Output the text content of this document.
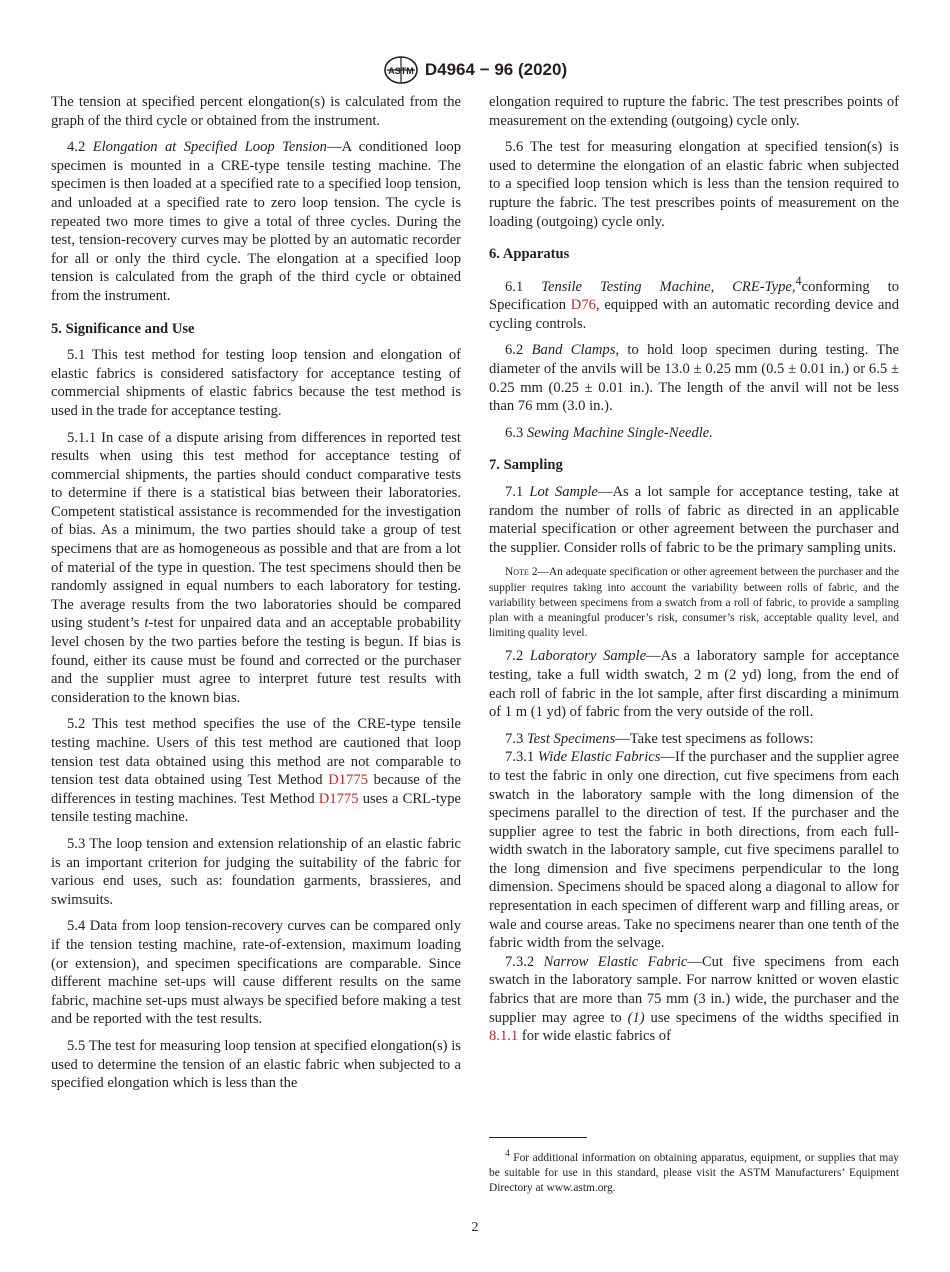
ASTM D4964 − 96 (2020)

The tension at specified percent elongation(s) is calculated from the graph of the third cycle or obtained from the instrument.

4.2 Elongation at Specified Loop Tension—A conditioned loop specimen is mounted in a CRE-type tensile testing machine. The specimen is then loaded at a specified rate to a specified loop tension, and unloaded at a specified rate to zero loop tension. The cycle is repeated two more times to give a total of three cycles. During the test, tension-recovery curves may be plotted by an automatic recorder for all or only the third cycle. The elongation at a specified loop tension is calculated from the graph of the third cycle or obtained from the instrument.

5. Significance and Use

5.1 This test method for testing loop tension and elongation of elastic fabrics is considered satisfactory for acceptance testing of commercial shipments of elastic fabrics because the test method is used in the trade for acceptance testing.

5.1.1 In case of a dispute arising from differences in reported test results when using this test method for acceptance testing of commercial shipments, the parties should conduct comparative tests to determine if there is a statistical bias between their laboratories. Competent statistical assistance is recommended for the investigation of bias. As a minimum, the two parties should take a group of test specimens that are as homogeneous as possible and that are from a lot of material of the type in question. The test specimens should then be randomly assigned in equal numbers to each laboratory for testing. The average results from the two laboratories should be compared using student’s t-test for unpaired data and an acceptable probability level chosen by the two parties before the testing is begun. If bias is found, either its cause must be found and corrected or the purchaser and the supplier must agree to interpret future test results with consideration to the known bias.

5.2 This test method specifies the use of the CRE-type tensile testing machine. Users of this test method are cautioned that loop tension test data obtained using this method are not comparable to tension test data obtained using Test Method D1775 because of the differences in testing machines. Test Method D1775 uses a CRL-type tensile testing machine.

5.3 The loop tension and extension relationship of an elastic fabric is an important criterion for judging the suitability of the fabric for various end uses, such as: foundation garments, brassieres, and swimsuits.

5.4 Data from loop tension-recovery curves can be compared only if the tension testing machine, rate-of-extension, maximum loading (or extension), and specimen specifications are comparable. Since different machine set-ups will cause different results on the same fabric, machine set-ups must always be specified before making a test and be reported with the test results.

5.5 The test for measuring loop tension at specified elongation(s) is used to determine the tension of an elastic fabric when subjected to a specified elongation which is less than the

elongation required to rupture the fabric. The test prescribes points of measurement on the extending (outgoing) cycle only.

5.6 The test for measuring elongation at specified tension(s) is used to determine the elongation of an elastic fabric when subjected to a specified loop tension which is less than the tension required to rupture the fabric. The test prescribes points of measurement on the loading (outgoing) cycle only.

6. Apparatus

6.1 Tensile Testing Machine, CRE-Type,$^4$conforming to Specification D76, equipped with an automatic recording device and cycling controls.

6.2 Band Clamps, to hold loop specimen during testing. The diameter of the anvils will be 13.0 ± 0.25 mm (0.5 ± 0.01 in.) or 6.5 ± 0.25 mm (0.25 ± 0.01 in.). The length of the anvil will not be less than 76 mm (3.0 in.).

6.3 Sewing Machine Single-Needle.

7. Sampling

7.1 Lot Sample—As a lot sample for acceptance testing, take at random the number of rolls of fabric as directed in an applicable material specification or other agreement between the purchaser and the supplier. Consider rolls of fabric to be the primary sampling units.

Note 2—An adequate specification or other agreement between the purchaser and the supplier requires taking into account the variability between rolls of fabric, and the variability between specimens from a swatch from a roll of fabric, to provide a sampling plan with a meaningful producer’s risk, consumer’s risk, acceptable quality level, and limiting quality level.

7.2 Laboratory Sample—As a laboratory sample for acceptance testing, take a full width swatch, 2 m (2 yd) long, from the end of each roll of fabric in the lot sample, after first discarding a minimum of 1 m (1 yd) of fabric from the very outside of the roll.

7.3 Test Specimens—Take test specimens as follows:

7.3.1 Wide Elastic Fabrics—If the purchaser and the supplier agree to test the fabric in only one direction, cut five specimens from each swatch in the laboratory sample with the long dimension of the specimens parallel to the direction of test. If the purchaser and the supplier agree to test the fabric in both directions, from each full-width swatch in the laboratory sample, cut five specimens parallel to the long dimension and five specimens perpendicular to the long dimension. Specimens should be spaced along a diagonal to allow for representation in each specimen of different warp and filling areas, or wale and course areas. Take no specimens nearer than one tenth of the fabric width from the selvage.

7.3.2 Narrow Elastic Fabric—Cut five specimens from each swatch in the laboratory sample. For narrow knitted or woven elastic fabrics that are more than 75 mm (3 in.) wide, the purchaser and the supplier may agree to (1) use specimens of the widths specified in 8.1.1 for wide elastic fabrics of

$^4$ For additional information on obtaining apparatus, equipment, or supplies that may be suitable for use in this standard, please visit the ASTM Manufacturers’ Equipment Directory at www.astm.org.
2
